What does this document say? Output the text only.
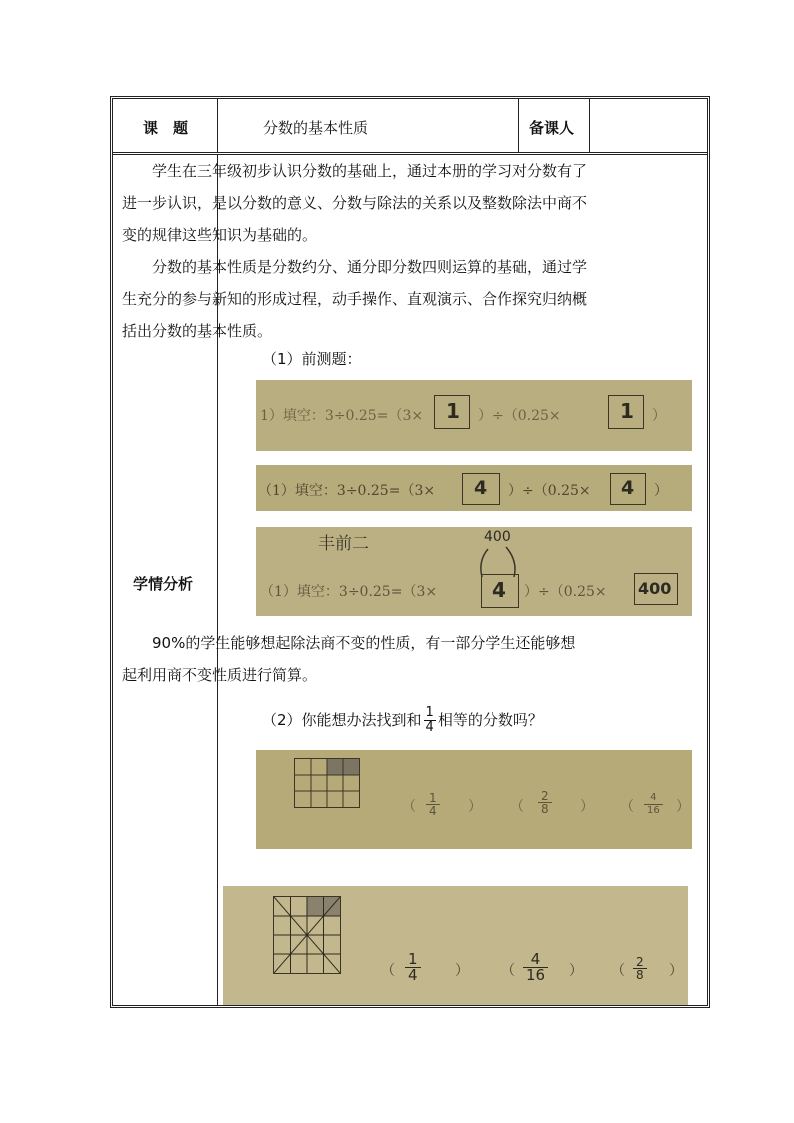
课　题	分数的基本性质	备课人
学情分析

学生在三年级初步认识分数的基础上，通过本册的学习对分数有了进一步认识，是以分数的意义、分数与除法的关系以及整数除法中商不变的规律这些知识为基础的。

分数的基本性质是分数约分、通分即分数四则运算的基础，通过学生充分的参与新知的形成过程，动手操作、直观演示、合作探究归纳概括出分数的基本性质。

（1）前测题：
1）填空：3÷0.25=（3× 1 ）÷（0.25×	1 ）
（1）填空：3÷0.25=（3× 4 ）÷（0.25× 4 ）
丰前二	400
（1）填空：3÷0.25=（3×	4 ）÷（0.25× 400

90%的学生能够想起除法商不变的性质，有一部分学生还能够想起利用商不变性质进行简算。

（2）你能想办法找到和 $\frac{1}{4}$ 相等的分数吗？
（
1
4 ） （
2
8 ） （
4
16 ）
（
1
4	） （
4
16 ） （
2
8 ）
